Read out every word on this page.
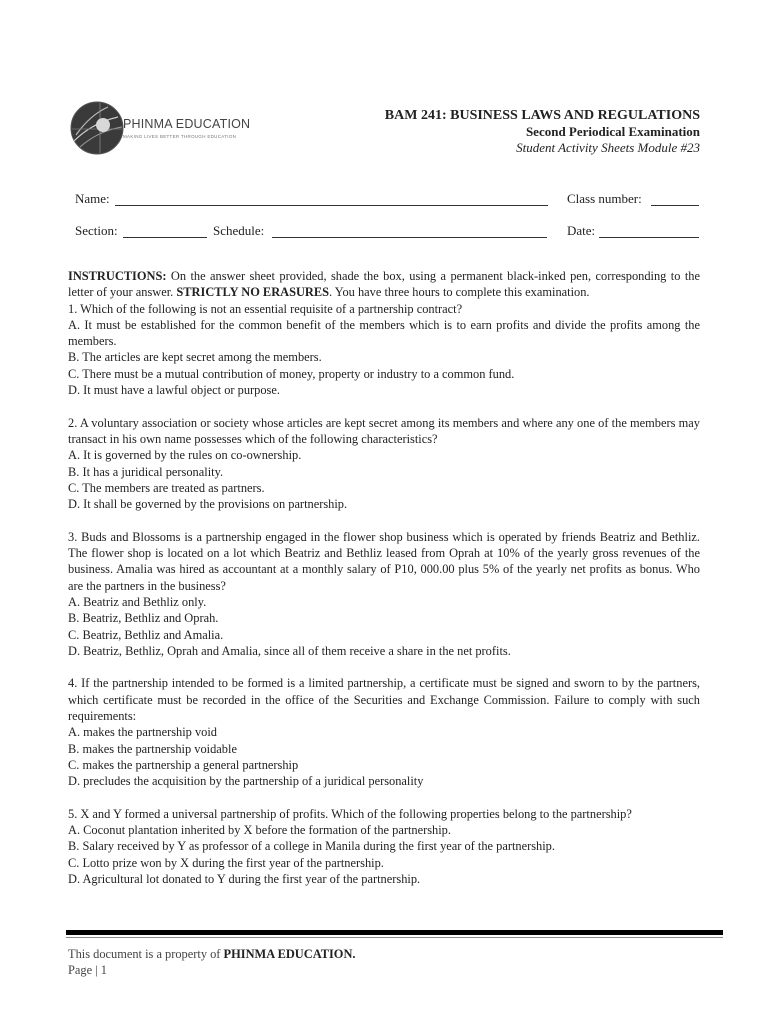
PHINMA EDUCATION
MAKING LIVES BETTER THROUGH EDUCATION
BAM 241: BUSINESS LAWS AND REGULATIONS
Second Periodical Examination
Student Activity Sheets Module #23
Name:	Class number:
Section:	Schedule:	Date:

INSTRUCTIONS: On the answer sheet provided, shade the box, using a permanent black-inked pen, corresponding to the letter of your answer. STRICTLY NO ERASURES. You have three hours to complete this examination.

1. Which of the following is not an essential requisite of a partnership contract?

A. It must be established for the common benefit of the members which is to earn profits and divide the profits among the members.

B. The articles are kept secret among the members.

C. There must be a mutual contribution of money, property or industry to a common fund.

D. It must have a lawful object or purpose.

2. A voluntary association or society whose articles are kept secret among its members and where any one of the members may transact in his own name possesses which of the following characteristics?

A. It is governed by the rules on co-ownership.

B. It has a juridical personality.

C. The members are treated as partners.

D. It shall be governed by the provisions on partnership.

3. Buds and Blossoms is a partnership engaged in the flower shop business which is operated by friends Beatriz and Bethliz. The flower shop is located on a lot which Beatriz and Bethliz leased from Oprah at 10% of the yearly gross revenues of the business. Amalia was hired as accountant at a monthly salary of P10, 000.00 plus 5% of the yearly net profits as bonus. Who are the partners in the business?

A. Beatriz and Bethliz only.

B. Beatriz, Bethliz and Oprah.

C. Beatriz, Bethliz and Amalia.

D. Beatriz, Bethliz, Oprah and Amalia, since all of them receive a share in the net profits.

4. If the partnership intended to be formed is a limited partnership, a certificate must be signed and sworn to by the partners, which certificate must be recorded in the office of the Securities and Exchange Commission. Failure to comply with such requirements:

A. makes the partnership void

B. makes the partnership voidable

C. makes the partnership a general partnership

D. precludes the acquisition by the partnership of a juridical personality

5. X and Y formed a universal partnership of profits. Which of the following properties belong to the partnership?

A. Coconut plantation inherited by X before the formation of the partnership.

B. Salary received by Y as professor of a college in Manila during the first year of the partnership.

C. Lotto prize won by X during the first year of the partnership.

D. Agricultural lot donated to Y during the first year of the partnership.

This document is a property of PHINMA EDUCATION.
Page | 1
